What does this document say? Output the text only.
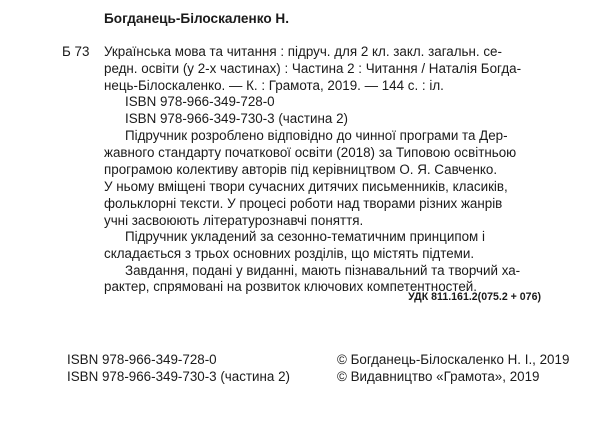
Богданець-Білоскаленко Н.
Б 73 Українська мова та читання : підруч. для 2 кл. закл. загальн. се-
редн. освіти (у 2-х частинах) : Частина 2 : Читання / Наталія Богда-
нець-Білоскаленко. — К. : Грамота, 2019. — 144 с. : іл.
ISBN 978-966-349-728-0
ISBN 978-966-349-730-3 (частина 2)
Підручник розроблено відповідно до чинної програми та Дер-
жавного стандарту початкової освіти (2018) за Типовою освітньою
програмою колективу авторів під керівництвом О. Я. Савченко.
У ньому вміщені твори сучасних дитячих письменників, класиків,
фольклорні тексти. У процесі роботи над творами різних жанрів
учні засвоюють літературознавчі поняття.
Підручник укладений за сезонно-тематичним принципом і
складається з трьох основних розділів, що містять підтеми.
Завдання, подані у виданні, мають пізнавальний та творчий ха-
рактер, спрямовані на розвиток ключових компетентностей.
УДК 811.161.2(075.2 + 076)
ISBN 978-966-349-728-0
ISBN 978-966-349-730-3 (частина 2)
© Богданець-Білоскаленко Н. І., 2019
© Видавництво «Грамота», 2019
